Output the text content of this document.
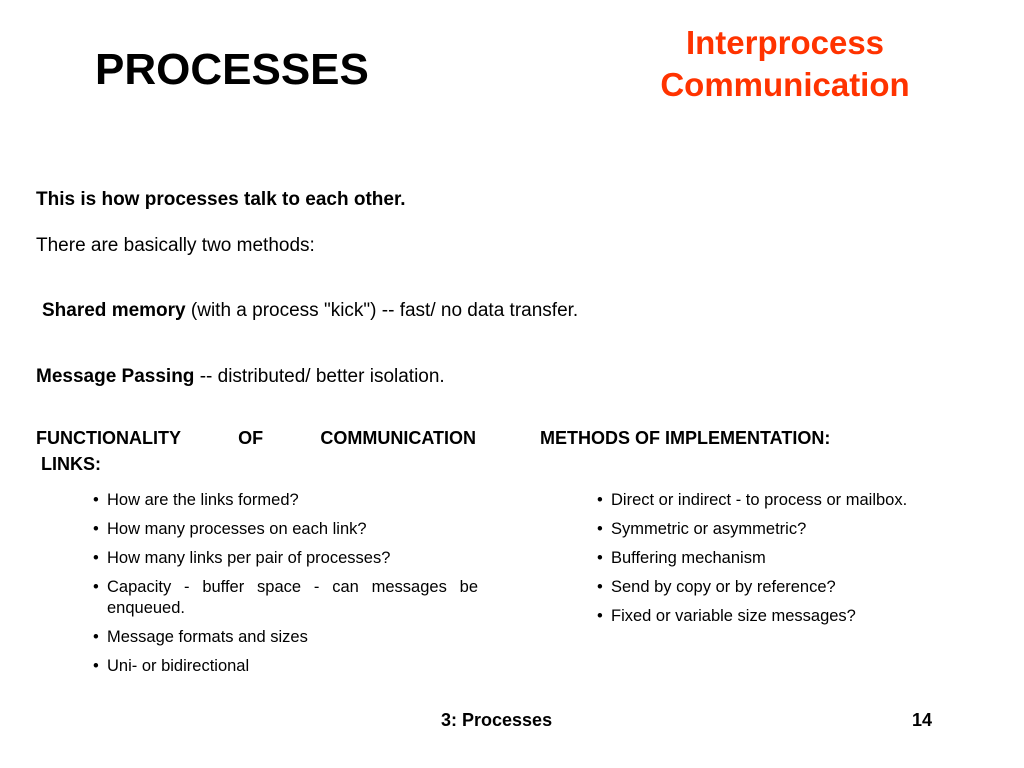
PROCESSES
Interprocess
Communication
This is how processes talk to each other.
There are basically two methods:
Shared memory (with a process "kick") -- fast/ no data transfer.
Message Passing -- distributed/ better isolation.
FUNCTIONALITY	OF	COMMUNICATION
LINKS:
METHODS OF IMPLEMENTATION:
• How are the links formed?
• How many processes on each link?
• How many links per pair of processes?
• Capacity - buffer space - can messages be enqueued.
• Message formats and sizes
• Uni- or bidirectional
• Direct or indirect - to process or mailbox.
• Symmetric or asymmetric?
• Buffering mechanism
• Send by copy or by reference?
• Fixed or variable size messages?
3: Processes	14
